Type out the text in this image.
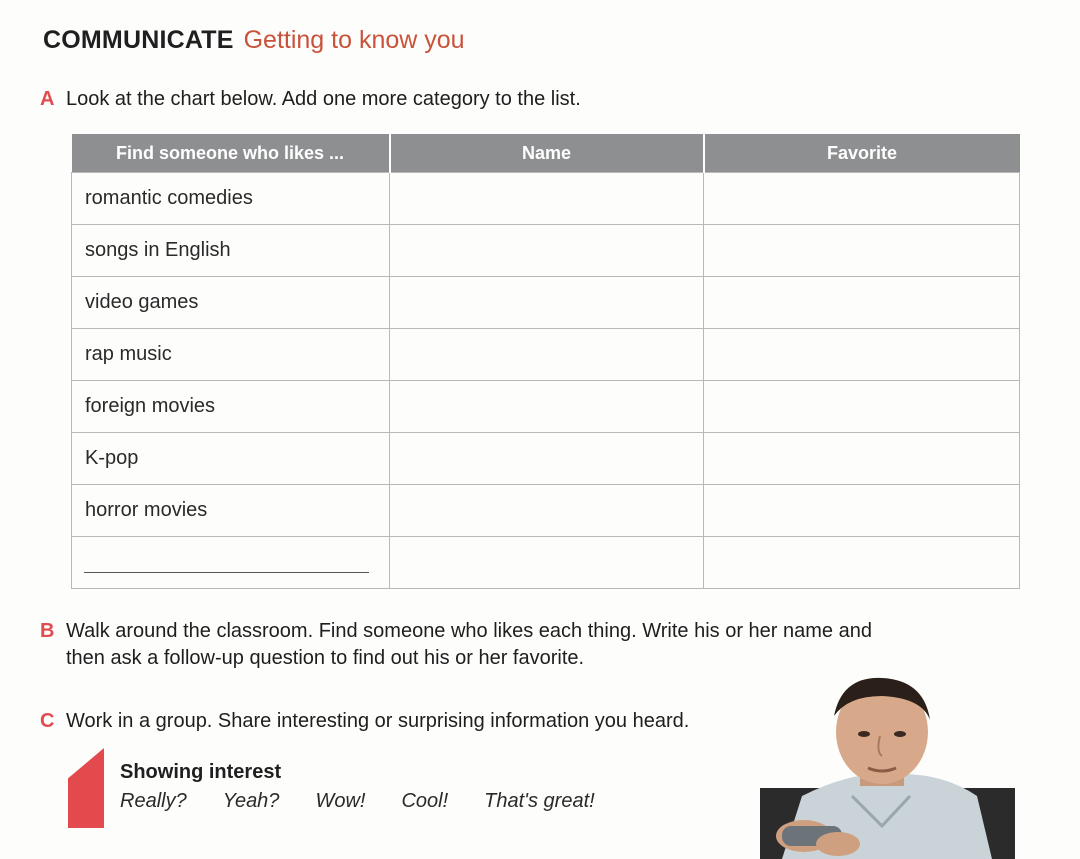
COMMUNICATE Getting to know you
A Look at the chart below. Add one more category to the list.
Find someone who likes ...	Name	Favorite
romantic comedies		
songs in English		
video games		
rap music		
foreign movies		
K-pop		
horror movies		

B Walk around the classroom. Find someone who likes each thing. Write his or her name and then ask a follow-up question to find out his or her favorite.
C Work in a group. Share interesting or surprising information you heard.
Showing interest
Really? Yeah? Wow! Cool! That's great!
